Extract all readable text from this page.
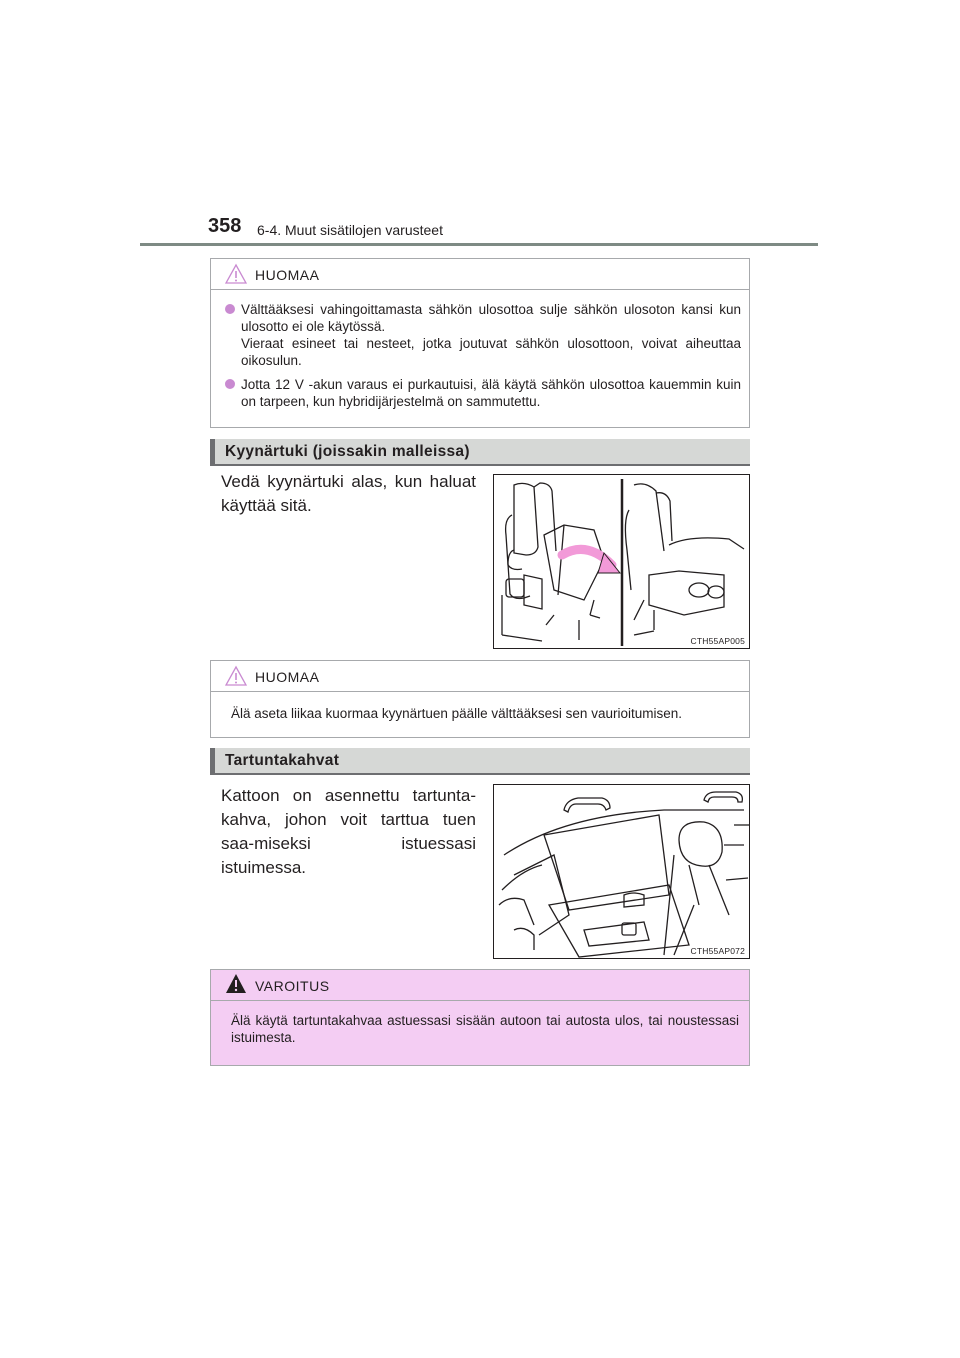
358 6-4. Muut sisätilojen varusteet
HUOMAA
Välttääksesi vahingoittamasta sähkön ulosottoa sulje sähkön ulosoton kansi kun ulosotto ei ole käytössä.
Vieraat esineet tai nesteet, jotka joutuvat sähkön ulosottoon, voivat aiheuttaa oikosulun.
Jotta 12 V -akun varaus ei purkautuisi, älä käytä sähkön ulosottoa kauemmin kuin on tarpeen, kun hybridijärjestelmä on sammutettu.
Kyynärtuki (joissakin malleissa)
Vedä kyynärtuki alas, kun haluat käyttää sitä.
CTH55AP005
HUOMAA
Älä aseta liikaa kuormaa kyynärtuen päälle välttääksesi sen vaurioitumisen.
Tartuntakahvat
Kattoon on asennettu tartunta-kahva, johon voit tarttua tuen saa-miseksi istuessasi istuimessa.
CTH55AP072
VAROITUS
Älä käytä tartuntakahvaa astuessasi sisään autoon tai autosta ulos, tai noustessasi istuimesta.
